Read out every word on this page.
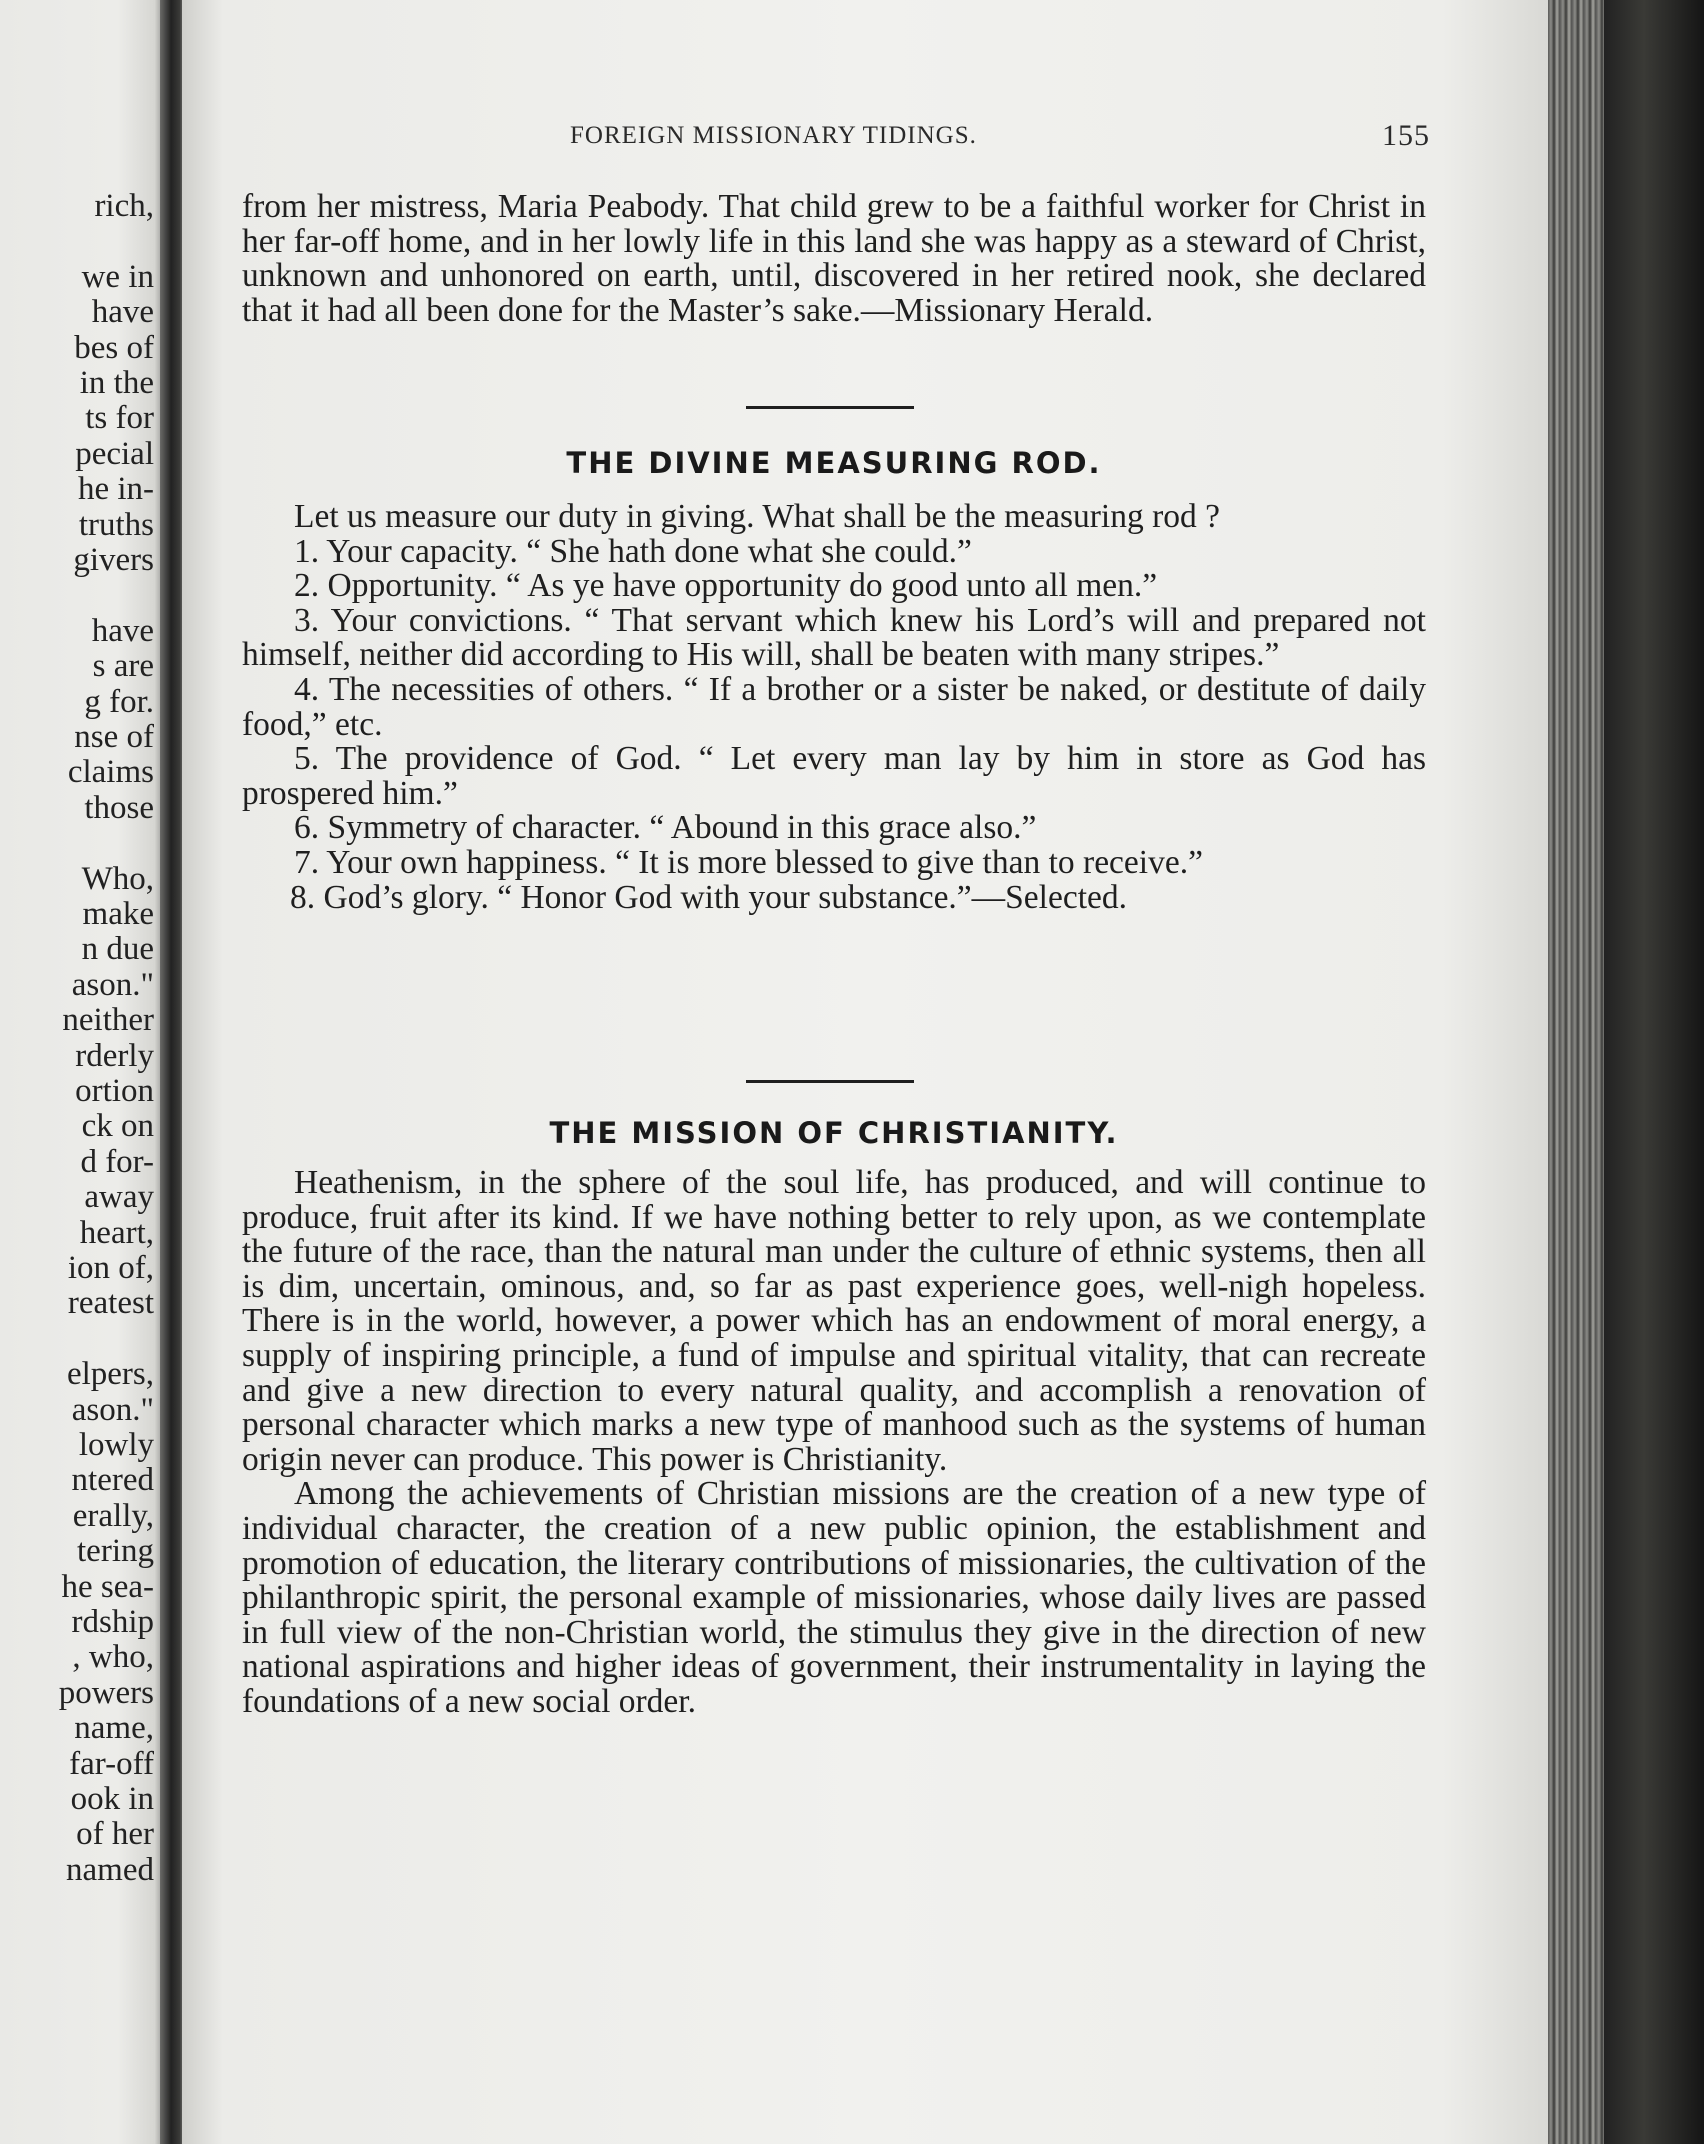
rich,
we in
have
bes of
in the
ts for
pecial
he in-
truths
givers
have
s are
g for.
nse of
claims
those
Who,
make
n due
ason."
neither
rderly
ortion
ck on
d for-
away
heart,
ion of,
reatest
elpers,
ason."
lowly
ntered
erally,
tering
he sea-
rdship
, who,
powers
name,
far-off
ook in
of her
named
FOREIGN MISSIONARY TIDINGS.	155

from her mistress, Maria Peabody. That child grew to be a faithful worker for Christ in her far-off home, and in her lowly life in this land she was happy as a steward of Christ, unknown and unhonored on earth, until, discovered in her retired nook, she declared that it had all been done for the Master’s sake.—Missionary Herald.

THE DIVINE MEASURING ROD.

Let us measure our duty in giving. What shall be the measuring rod ?

1. Your capacity. “ She hath done what she could.”

2. Opportunity. “ As ye have opportunity do good unto all men.”

3. Your convictions. “ That servant which knew his Lord’s will and prepared not himself, neither did according to His will, shall be beaten with many stripes.”

4. The necessities of others. “ If a brother or a sister be naked, or destitute of daily food,” etc.

5. The providence of God. “ Let every man lay by him in store as God has prospered him.”

6. Symmetry of character. “ Abound in this grace also.”

7. Your own happiness. “ It is more blessed to give than to receive.”

8. God’s glory. “ Honor God with your substance.”—Selected.

THE MISSION OF CHRISTIANITY.

Heathenism, in the sphere of the soul life, has produced, and will continue to produce, fruit after its kind. If we have nothing better to rely upon, as we contemplate the future of the race, than the natural man under the culture of ethnic systems, then all is dim, uncertain, ominous, and, so far as past experience goes, well-nigh hopeless. There is in the world, however, a power which has an endowment of moral energy, a supply of inspiring principle, a fund of impulse and spiritual vitality, that can recreate and give a new direction to every natural quality, and accomplish a renovation of personal character which marks a new type of manhood such as the systems of human origin never can produce. This power is Christianity.

Among the achievements of Christian missions are the creation of a new type of individual character, the creation of a new public opinion, the establishment and promotion of education, the literary contributions of missionaries, the cultivation of the philanthropic spirit, the personal example of missionaries, whose daily lives are passed in full view of the non-Christian world, the stimulus they give in the direction of new national aspirations and higher ideas of government, their instrumentality in laying the foundations of a new social order.
